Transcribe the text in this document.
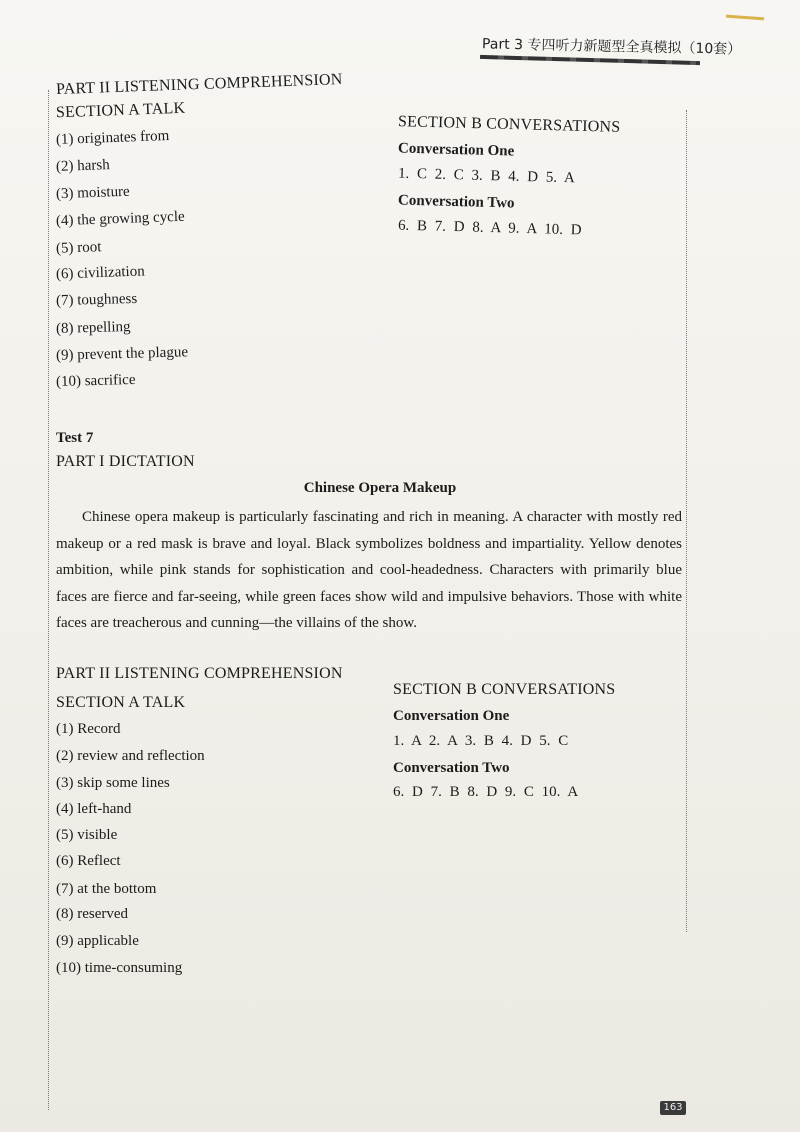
Part 3 专四听力新题型全真模拟（10套）
PART II LISTENING COMPREHENSION
SECTION A TALK
(1) originates from
(2) harsh
(3) moisture
(4) the growing cycle
(5) root
(6) civilization
(7) toughness
(8) repelling
(9) prevent the plague
(10) sacrifice
SECTION B CONVERSATIONS
Conversation One
1. C 2. C 3. B 4. D 5. A
Conversation Two
6. B 7. D 8. A 9. A 10. D
Test 7
PART I DICTATION
Chinese Opera Makeup
Chinese opera makeup is particularly fascinating and rich in meaning. A character with mostly red makeup or a red mask is brave and loyal. Black symbolizes boldness and impartiality. Yellow denotes ambition, while pink stands for sophistication and cool-headedness. Characters with primarily blue faces are fierce and far-seeing, while green faces show wild and impulsive behaviors. Those with white faces are treacherous and cunning—the villains of the show.
PART II LISTENING COMPREHENSION
SECTION A TALK
(1) Record
(2) review and reflection
(3) skip some lines
(4) left-hand
(5) visible
(6) Reflect
(7) at the bottom
(8) reserved
(9) applicable
(10) time-consuming
SECTION B CONVERSATIONS
Conversation One
1. A 2. A 3. B 4. D 5. C
Conversation Two
6. D 7. B 8. D 9. C 10. A
163
